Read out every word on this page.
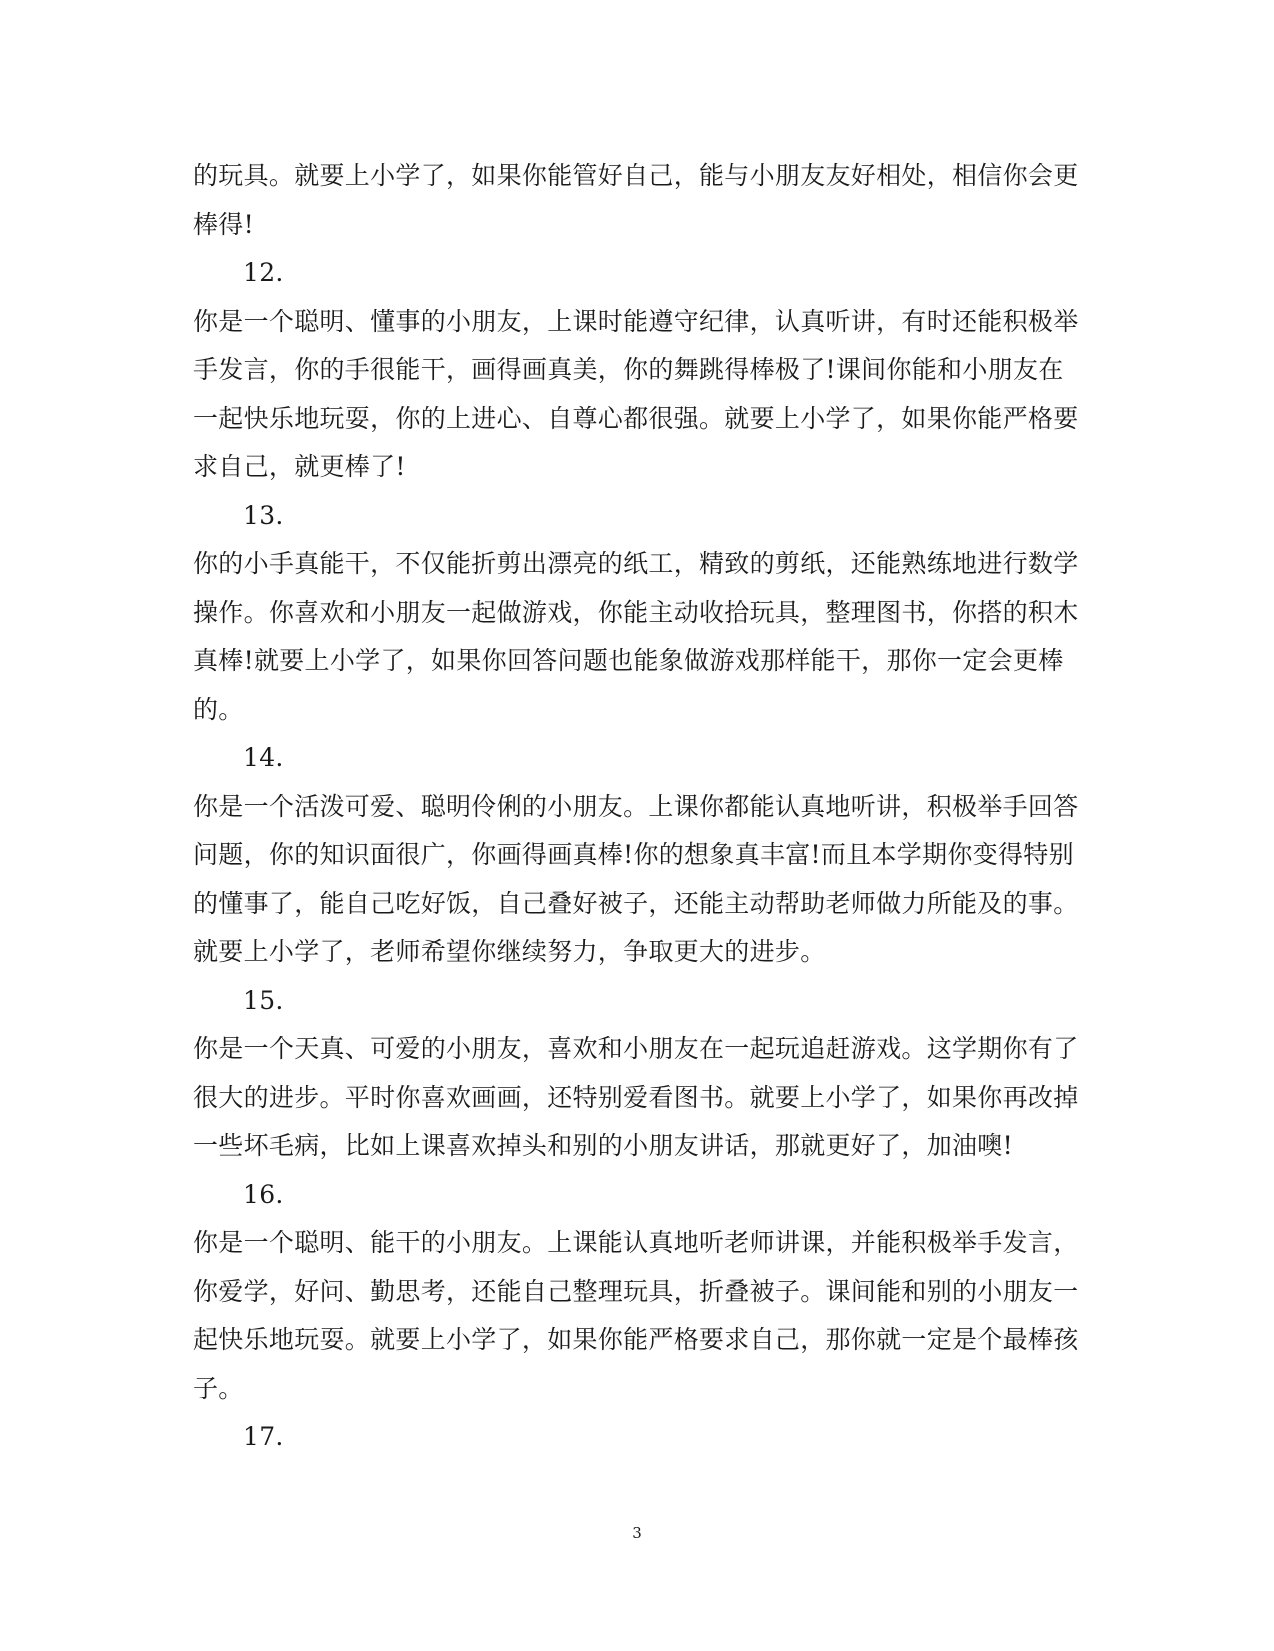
的玩具。就要上小学了，如果你能管好自己，能与小朋友友好相处，相信你会更
棒得!
12.
你是一个聪明、懂事的小朋友，上课时能遵守纪律，认真听讲，有时还能积极举
手发言，你的手很能干，画得画真美，你的舞跳得棒极了!课间你能和小朋友在
一起快乐地玩耍，你的上进心、自尊心都很强。就要上小学了，如果你能严格要
求自己，就更棒了!
13.
你的小手真能干，不仅能折剪出漂亮的纸工，精致的剪纸，还能熟练地进行数学
操作。你喜欢和小朋友一起做游戏，你能主动收拾玩具，整理图书，你搭的积木
真棒!就要上小学了，如果你回答问题也能象做游戏那样能干，那你一定会更棒
的。
14.
你是一个活泼可爱、聪明伶俐的小朋友。上课你都能认真地听讲，积极举手回答
问题，你的知识面很广，你画得画真棒!你的想象真丰富!而且本学期你变得特别
的懂事了，能自己吃好饭，自己叠好被子，还能主动帮助老师做力所能及的事。
就要上小学了，老师希望你继续努力，争取更大的进步。
15.
你是一个天真、可爱的小朋友，喜欢和小朋友在一起玩追赶游戏。这学期你有了
很大的进步。平时你喜欢画画，还特别爱看图书。就要上小学了，如果你再改掉
一些坏毛病，比如上课喜欢掉头和别的小朋友讲话，那就更好了，加油噢!
16.
你是一个聪明、能干的小朋友。上课能认真地听老师讲课，并能积极举手发言，
你爱学，好问、勤思考，还能自己整理玩具，折叠被子。课间能和别的小朋友一
起快乐地玩耍。就要上小学了，如果你能严格要求自己，那你就一定是个最棒孩
子。
17.
3
